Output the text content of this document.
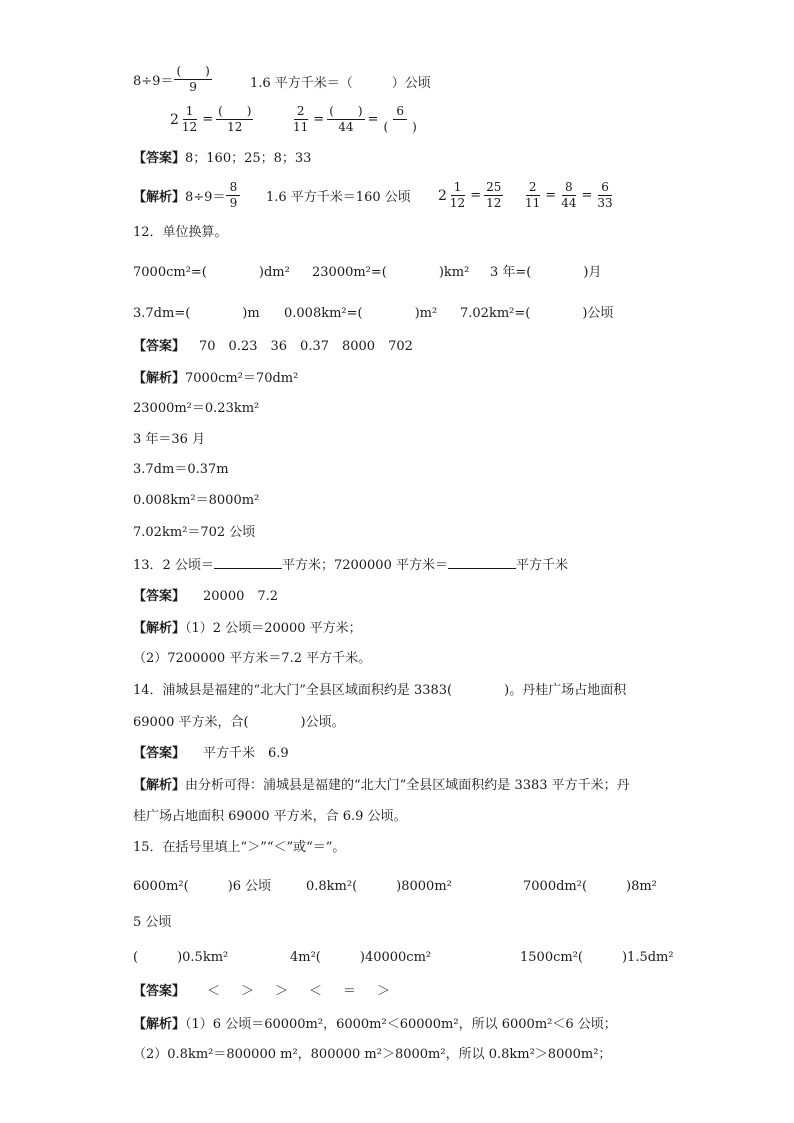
$8\div 9= \frac{( )}{9}$	1.6 平方千米＝（　　　）公顷
$2 \frac{1}{12} = \frac{( )}{12}$	$\frac{2}{11} = \frac{( )}{44} = \frac{6}{( )}$
【答案】8；160；25；8；33
【解析】$8\div 9= \frac{8}{9} 1.6$ 平方千米＝160 公顷 $2 \frac{1}{12} = \frac{25}{12} \frac{2}{11} = \frac{8}{44} = \frac{6}{33}$
12．单位换算。
7000cm²=(　　　　)dm² 23000m²=(　　　　)km² 3 年=(　　　　)月
3.7dm=(　　　　)m 0.008km²=(　　　　)m² 7.02km²=(　　　　)公顷
【答案】 70　0.23　36　0.37　8000　702
【解析】7000cm²＝70dm²
23000m²＝0.23km²
3 年＝36 月
3.7dm＝0.37m
0.008km²＝8000m²
7.02km²＝702 公顷
13．2 公顷＝	平方米；7200000 平方米＝	平方千米
【答案】 20000　7.2
【解析】（1）2 公顷＝20000 平方米；
（2）7200000 平方米＝7.2 平方千米。
14．浦城县是福建的“北大门”全县区域面积约是 3383(　　　　)。丹桂广场占地面积
69000 平方米，合(　　　　)公顷。
【答案】 平方千米　6.9
【解析】由分析可得：浦城县是福建的“北大门”全县区域面积约是 3383 平方千米；丹
桂广场占地面积 69000 平方米，合 6.9 公顷。
15．在括号里填上“＞”“＜”或“＝”。
6000m²(　　　)6 公顷	0.8km²(　　　)8000m²	7000dm²(　　　)8m²
5 公顷
(　　　)0.5km²	4m²(　　　)40000cm²	1500cm²(　　　)1.5dm²
【答案】 ＜　＞　＞　＜　＝　＞
【解析】（1）6 公顷＝60000m²，6000m²＜60000m²，所以 6000m²＜6 公顷；
（2）0.8km²＝800000 m²，800000 m²＞8000m²，所以 0.8km²＞8000m²；
